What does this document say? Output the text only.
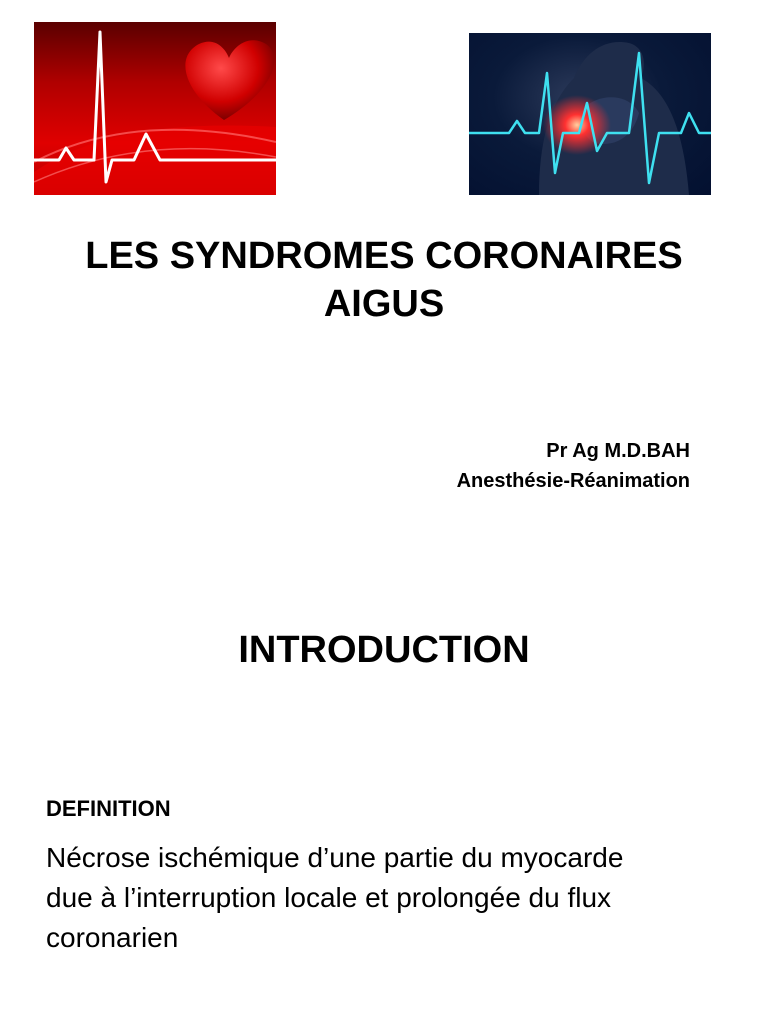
LES SYNDROMES CORONAIRES
AIGUS
Pr Ag M.D.BAH
Anesthésie-Réanimation
INTRODUCTION
DEFINITION
Nécrose ischémique d’une partie du myocarde
due à l’interruption locale et prolongée du flux
coronarien
